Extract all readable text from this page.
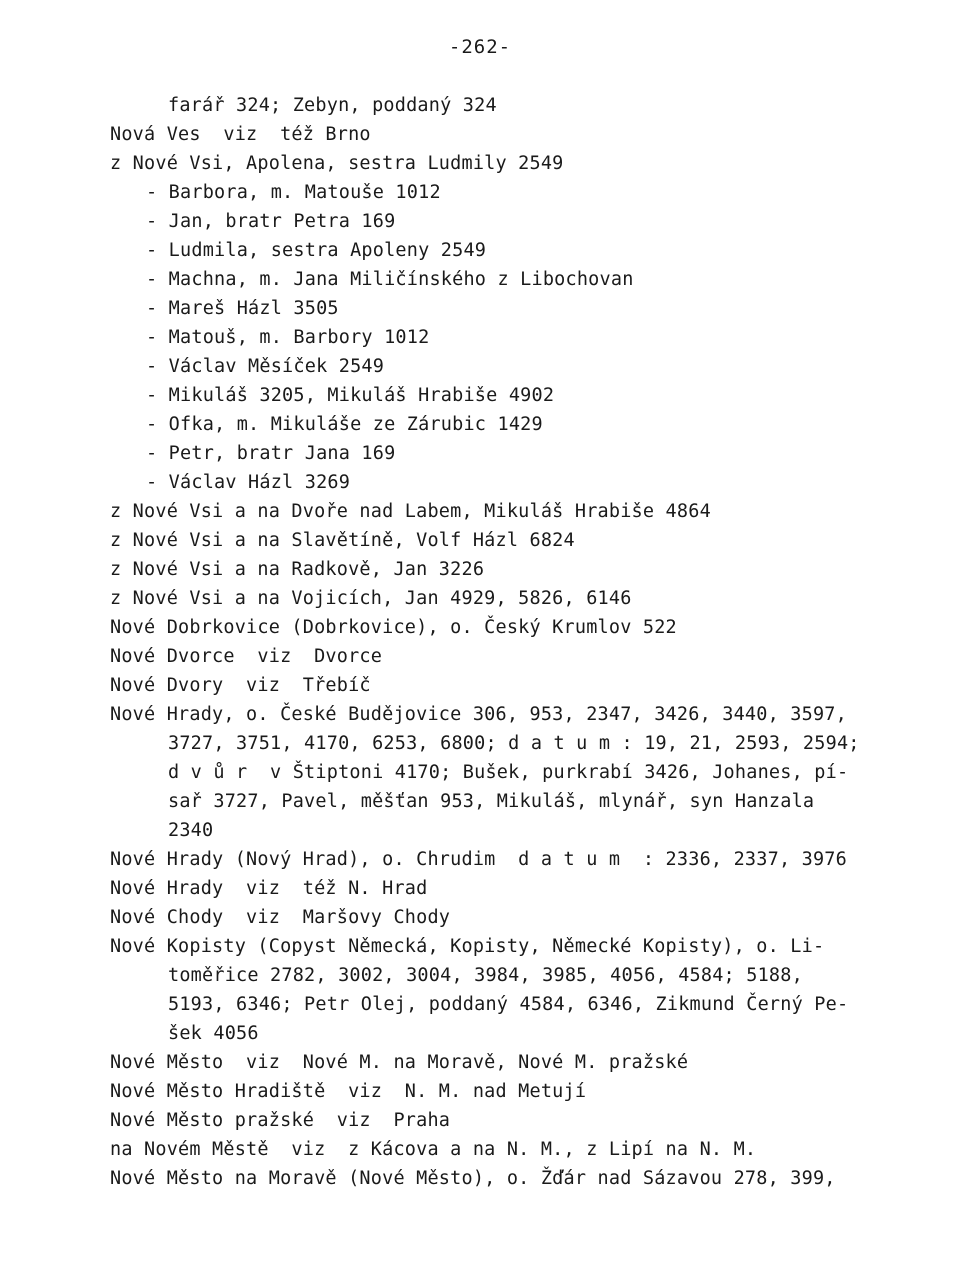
-262-
farář 324; Zebyn, poddaný 324
Nová Ves  viz  též Brno
z Nové Vsi, Apolena, sestra Ludmily 2549
- Barbora, m. Matouše 1012
- Jan, bratr Petra 169
- Ludmila, sestra Apoleny 2549
- Machna, m. Jana Miličínského z Libochovan
- Mareš Házl 3505
- Matouš, m. Barbory 1012
- Václav Měsíček 2549
- Mikuláš 3205, Mikuláš Hrabiše 4902
- Ofka, m. Mikuláše ze Zárubic 1429
- Petr, bratr Jana 169
- Václav Házl 3269
z Nové Vsi a na Dvoře nad Labem, Mikuláš Hrabiše 4864
z Nové Vsi a na Slavětíně, Volf Házl 6824
z Nové Vsi a na Radkově, Jan 3226
z Nové Vsi a na Vojicích, Jan 4929, 5826, 6146
Nové Dobrkovice (Dobrkovice), o. Český Krumlov 522
Nové Dvorce  viz  Dvorce
Nové Dvory  viz  Třebíč
Nové Hrady, o. České Budějovice 306, 953, 2347, 3426, 3440, 3597,
3727, 3751, 4170, 6253, 6800; d a t u m : 19, 21, 2593, 2594;
d v ů r  v Štiptoni 4170; Bušek, purkrabí 3426, Johanes, pí-
sař 3727, Pavel, měšťan 953, Mikuláš, mlynář, syn Hanzala
2340
Nové Hrady (Nový Hrad), o. Chrudim  d a t u m  : 2336, 2337, 3976
Nové Hrady  viz  též N. Hrad
Nové Chody  viz  Maršovy Chody
Nové Kopisty (Copyst Německá, Kopisty, Německé Kopisty), o. Li-
toměřice 2782, 3002, 3004, 3984, 3985, 4056, 4584; 5188,
5193, 6346; Petr Olej, poddaný 4584, 6346, Zikmund Černý Pe-
šek 4056
Nové Město  viz  Nové M. na Moravě, Nové M. pražské
Nové Město Hradiště  viz  N. M. nad Metují
Nové Město pražské  viz  Praha
na Novém Městě  viz  z Kácova a na N. M., z Lipí na N. M.
Nové Město na Moravě (Nové Město), o. Žďár nad Sázavou 278, 399,
